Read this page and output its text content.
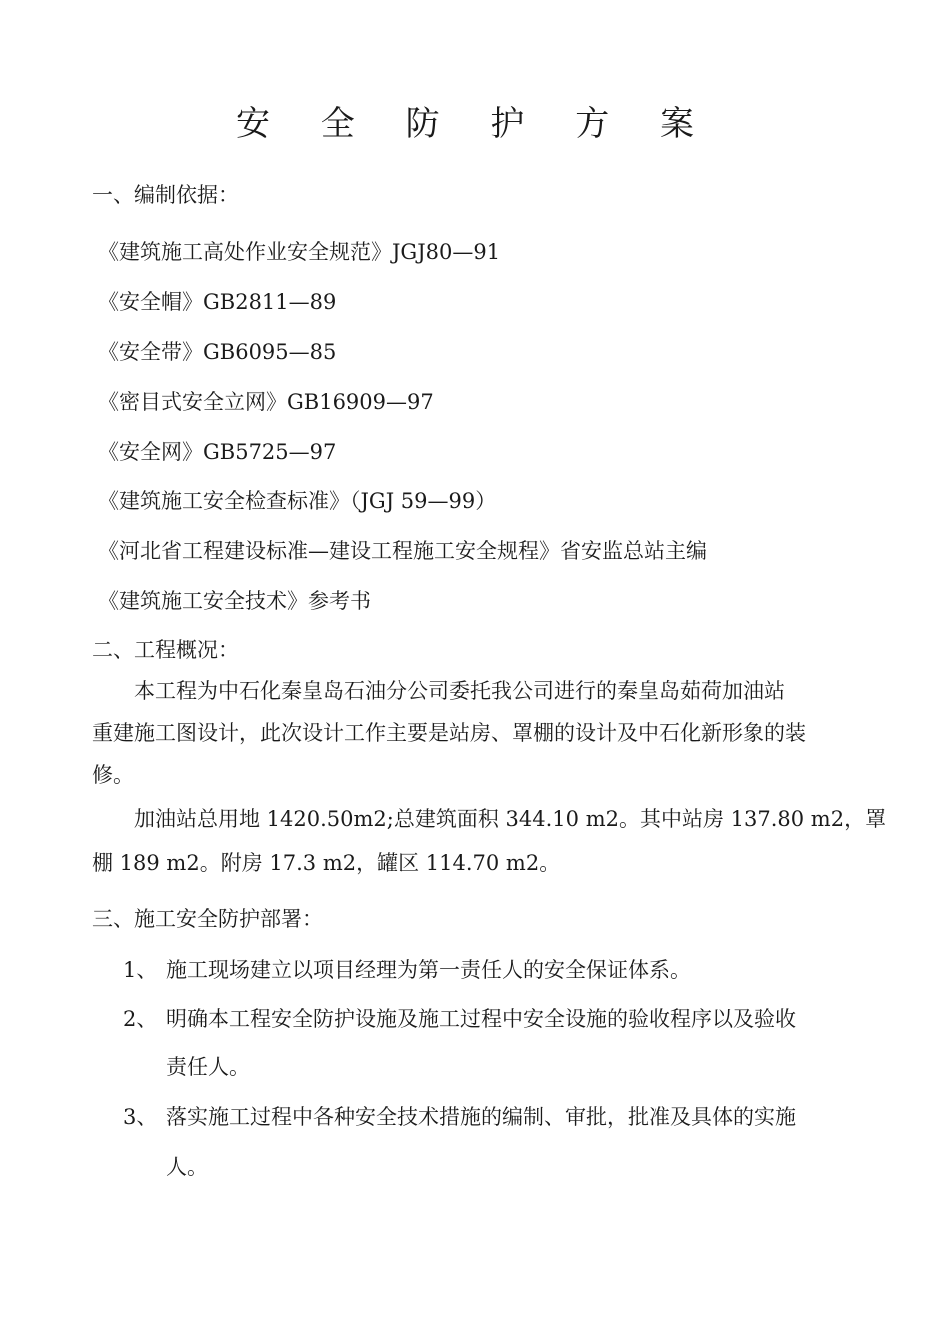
安 全 防 护 方 案
一、编制依据：
《建筑施工高处作业安全规范》JGJ80—91
《安全帽》GB2811—89
《安全带》GB6095—85
《密目式安全立网》GB16909—97
《安全网》GB5725—97
《建筑施工安全检查标准》（JGJ 59—99）
《河北省工程建设标准—建设工程施工安全规程》省安监总站主编
《建筑施工安全技术》参考书
二、工程概况：
本工程为中石化秦皇岛石油分公司委托我公司进行的秦皇岛茹荷加油站
重建施工图设计，此次设计工作主要是站房、罩棚的设计及中石化新形象的装
修。
加油站总用地 1420.50m2;总建筑面积 344.10 m2。其中站房 137.80 m2，罩
棚 189 m2。附房 17.3 m2，罐区 114.70 m2。
三、施工安全防护部署：
1、 施工现场建立以项目经理为第一责任人的安全保证体系。
2、 明确本工程安全防护设施及施工过程中安全设施的验收程序以及验收
责任人。
3、 落实施工过程中各种安全技术措施的编制、审批，批准及具体的实施
人。
